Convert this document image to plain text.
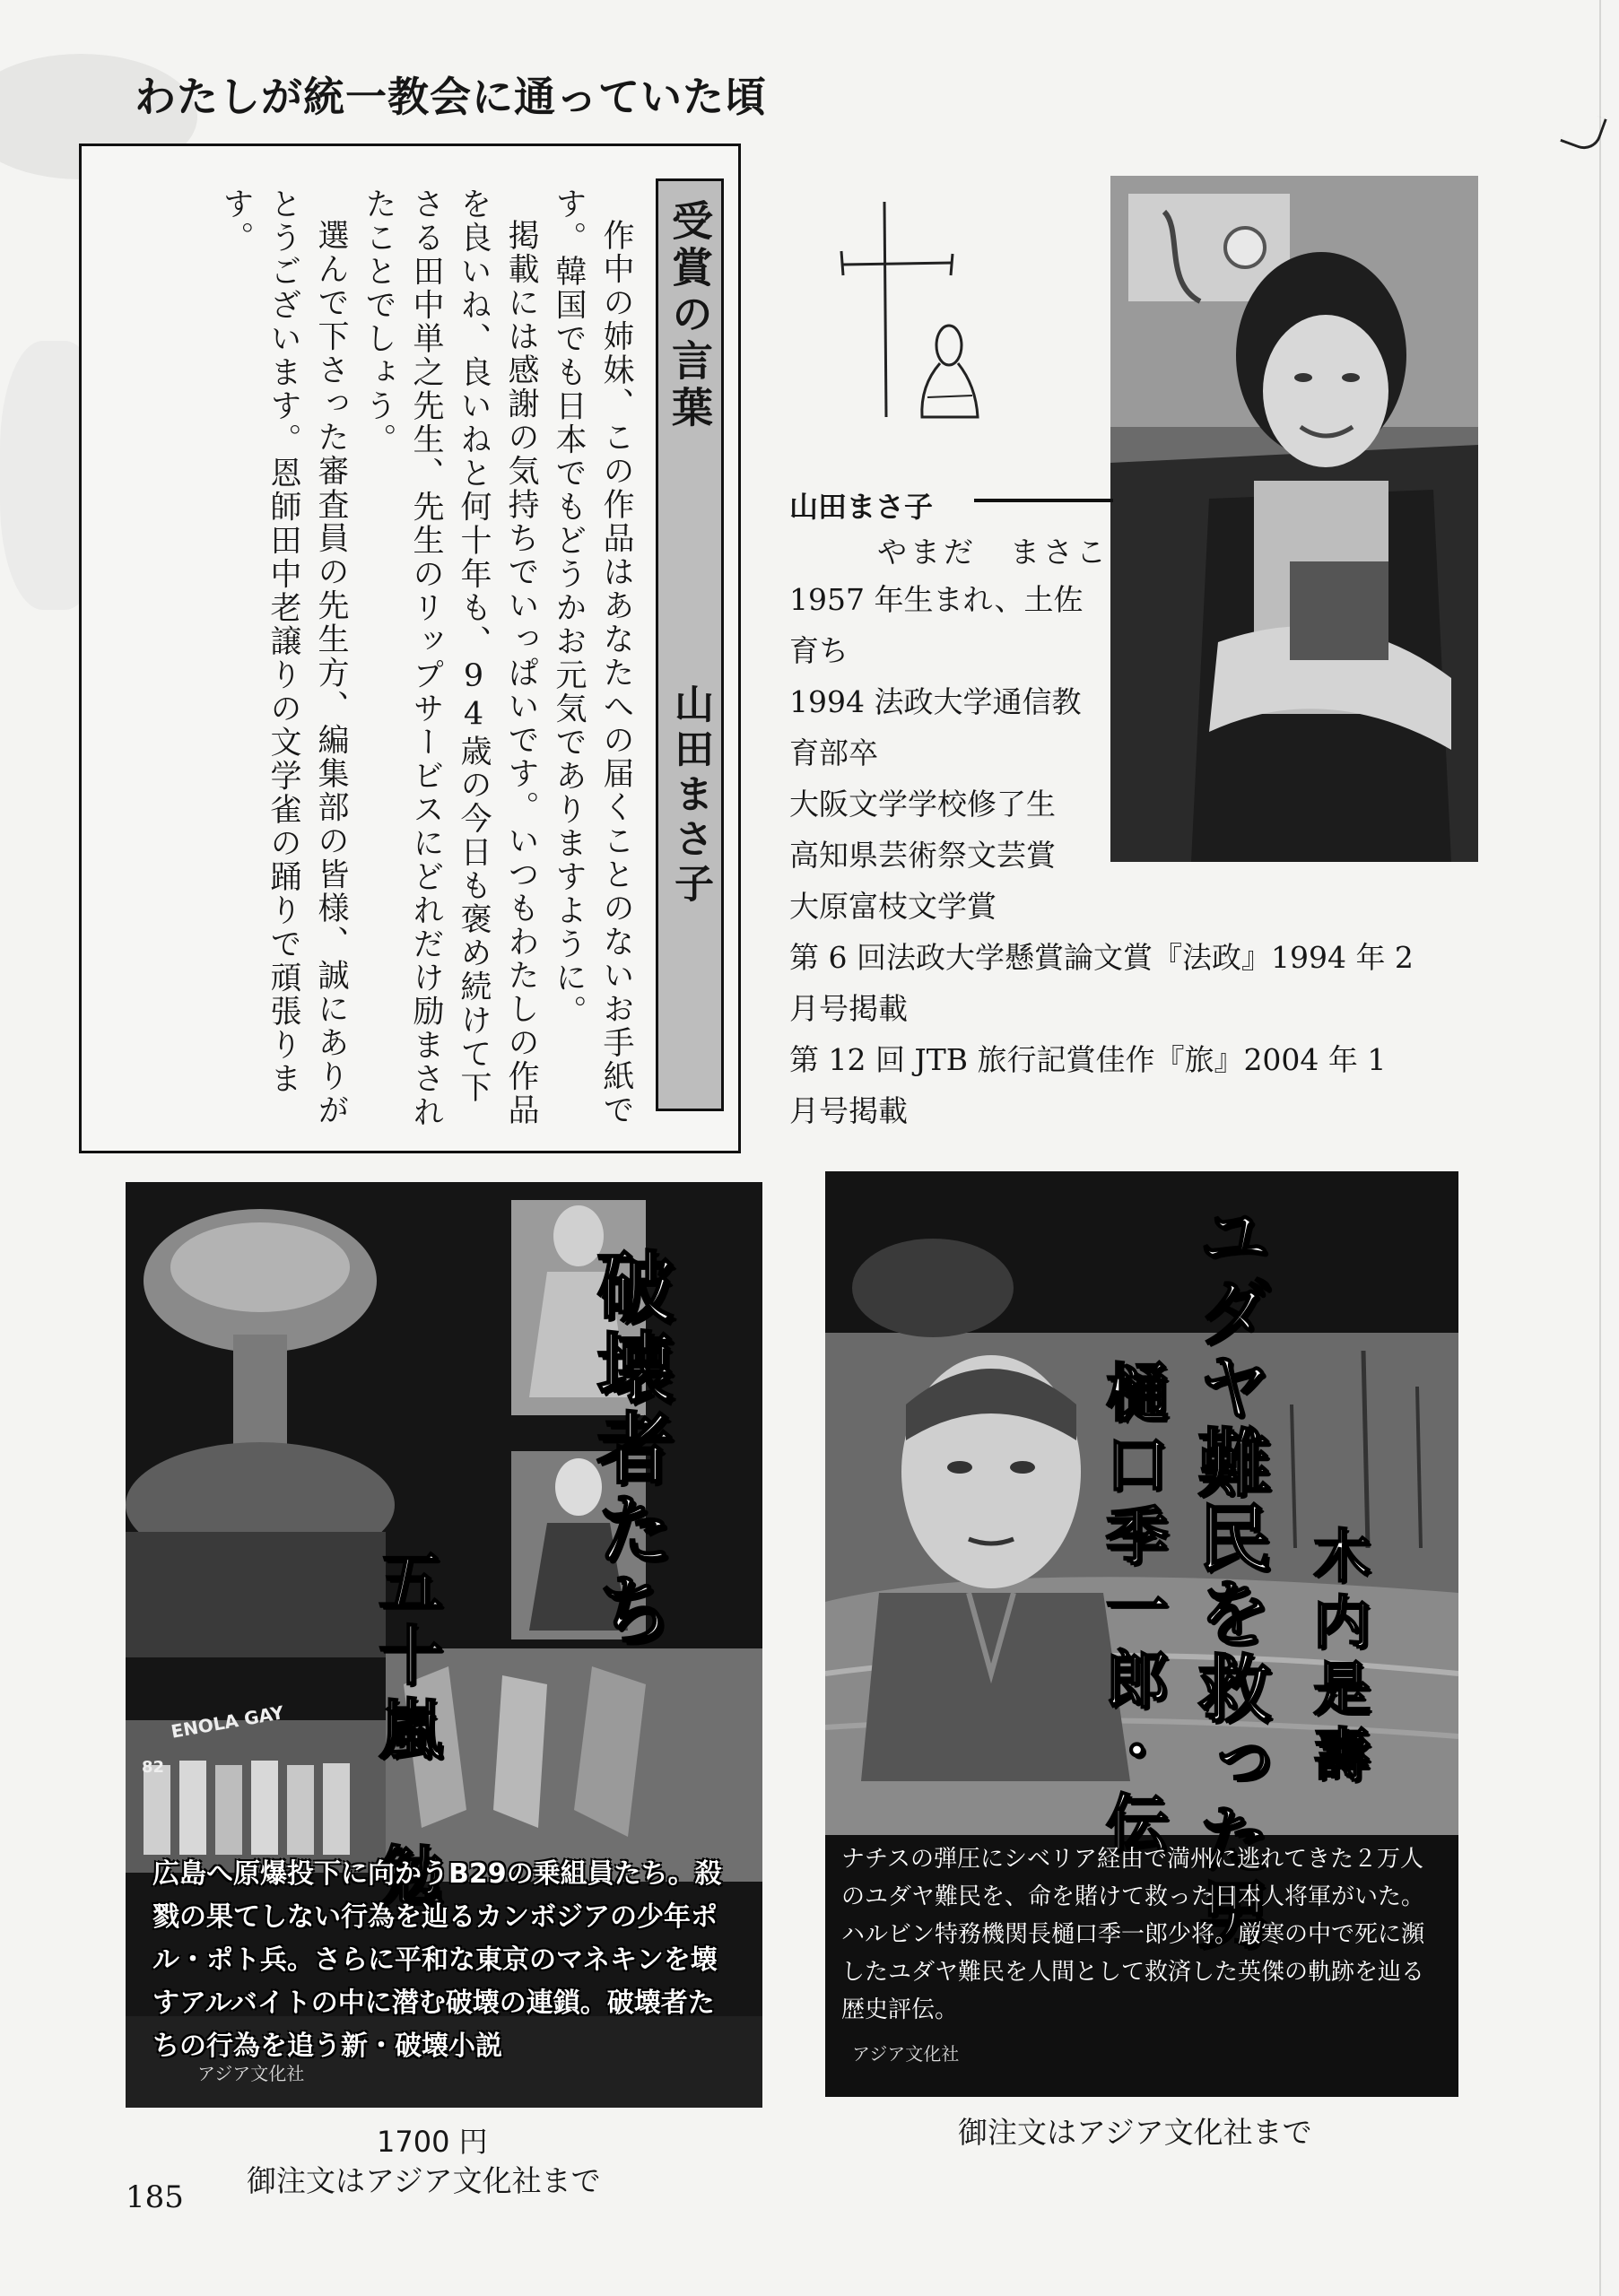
わたしが統一教会に通っていた頃
受賞の言葉
山田まさ子

作中の姉妹、この作品はあなたへの届くことのないお手紙です。韓国でも日本でもどうかお元気でありますように。

掲載には感謝の気持ちでいっぱいです。いつもわたしの作品を良いね、良いねと何十年も、94歳の今日も褒め続けて下さる田中単之先生、先生のリップサービスにどれだけ励まされたことでしょう。

選んで下さった審査員の先生方、編集部の皆様、誠にありがとうございます。恩師田中老譲りの文学雀の踊りで頑張ります。

山田まさ子
やまだ　まさこ
1957 年生まれ、土佐
育ち
1994 法政大学通信教
育部卒
大阪文学学校修了生
高知県芸術祭文芸賞
大原富枝文学賞
第 6 回法政大学懸賞論文賞『法政』1994 年 2
月号掲載
第 12 回 JTB 旅行記賞佳作『旅』2004 年 1
月号掲載
ENOLA GAY
82
破壊者たち
五十嵐　勉
広島へ原爆投下に向かうB29の乗組員たち。殺戮の果てしない行為を辿るカンボジアの少年ポル・ポト兵。さらに平和な東京のマネキンを壊すアルバイトの中に潜む破壊の連鎖。破壊者たちの行為を追う新・破壊小説
アジア文化社
ユダヤ難民を救った男
樋口季一郎・伝 木内是壽
ナチスの弾圧にシベリア経由で満州に逃れてきた２万人のユダヤ難民を、命を賭けて救った日本人将軍がいた。ハルビン特務機関長樋口季一郎少将。厳寒の中で死に瀕したユダヤ難民を人間として救済した英傑の軌跡を辿る歴史評伝。
アジア文化社
1700 円
御注文はアジア文化社まで
御注文はアジア文化社まで
185
